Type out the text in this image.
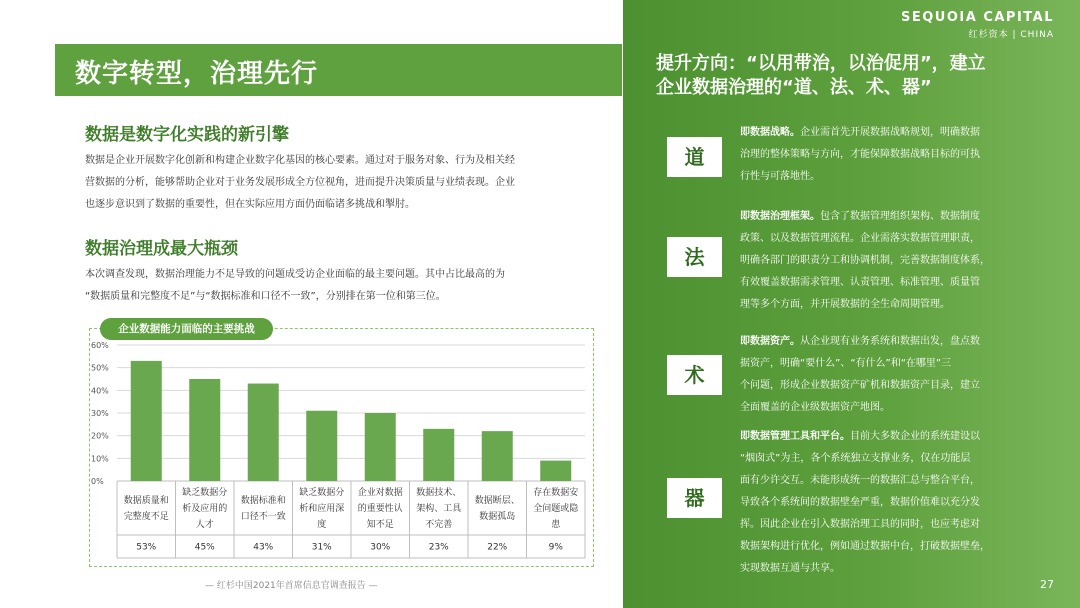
数字转型，治理先行
数据是数字化实践的新引擎
数据是企业开展数字化创新和构建企业数字化基因的核心要素。通过对于服务对象、行为及相关经
营数据的分析，能够帮助企业对于业务发展形成全方位视角，进而提升决策质量与业绩表现。企业
也逐步意识到了数据的重要性，但在实际应用方面仍面临诸多挑战和掣肘。
数据治理成最大瓶颈
本次调查发现，数据治理能力不足导致的问题成受访企业面临的最主要问题。其中占比最高的为
“数据质量和完整度不足”与“数据标准和口径不一致”，分别排在第一位和第三位。
企业数据能力面临的主要挑战
60%
50%
40%
30%
20%
10%
0%
数据质量和
完整度不足
53%
缺乏数据分
析及应用的
人才
45%
数据标准和
口径不一致
43%
缺乏数据分
析和应用深
度
31%
企业对数据
的重要性认
知不足
30%
数据技术、
架构、工具
不完善
23%
数据断层、
数据孤岛
22%
存在数据安
全问题或隐
患
9%
— 红杉中国2021年首席信息官调查报告 —
SEQUOIA CAPITAL
红杉资本 | CHINA
提升方向：“以用带治，以治促用”，建立
企业数据治理的“道、法、术、器”
道
即数据战略。企业需首先开展数据战略规划，明确数据
治理的整体策略与方向，才能保障数据战略目标的可执
行性与可落地性。
法
即数据治理框架。包含了数据管理组织架构、数据制度
政策、以及数据管理流程。企业需落实数据管理职责，
明确各部门的职责分工和协调机制，完善数据制度体系，
有效覆盖数据需求管理、认责管理、标准管理、质量管
理等多个方面，并开展数据的全生命周期管理。
术
即数据资产。从企业现有业务系统和数据出发，盘点数
据资产，明确“要什么”、“有什么”和“在哪里”三
个问题，形成企业数据资产矿机和数据资产目录，建立
全面覆盖的企业级数据资产地图。
器
即数据管理工具和平台。目前大多数企业的系统建设以
“烟囱式”为主，各个系统独立支撑业务，仅在功能层
面有少许交互。未能形成统一的数据汇总与整合平台，
导致各个系统间的数据壁垒严重，数据价值难以充分发
挥。因此企业在引入数据治理工具的同时，也应考虑对
数据架构进行优化，例如通过数据中台，打破数据壁垒，
实现数据互通与共享。
27
